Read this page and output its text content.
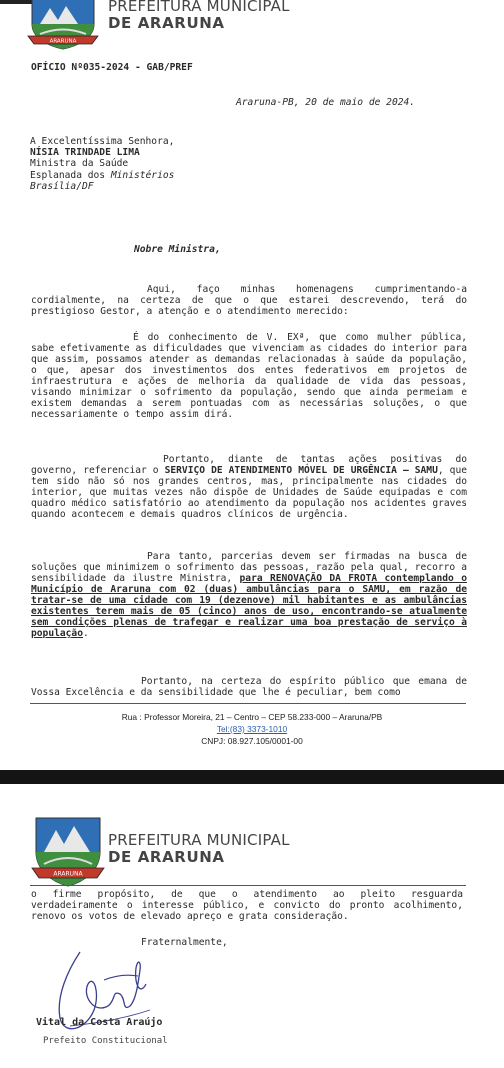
ARARUNA
PREFEITURA MUNICIPAL
DE ARARUNA
OFÍCIO Nº035-2024 - GAB/PREF
Araruna-PB, 20 de maio de 2024.
A Excelentíssima Senhora,
NÍSIA TRINDADE LIMA
Ministra da Saúde
Esplanada dos Ministérios
Brasília/DF
Nobre Ministra,
Aqui, faço minhas homenagens cumprimentando-a cordialmente, na certeza de que o que estarei descrevendo, terá do prestigioso Gestor, a atenção e o atendimento merecido:
É do conhecimento de V. EXª, que como mulher pública, sabe efetivamente as dificuldades que vivenciam as cidades do interior para que assim, possamos atender as demandas relacionadas à saúde da população, o que, apesar dos investimentos dos entes federativos em projetos de infraestrutura e ações de melhoria da qualidade de vida das pessoas, visando minimizar o sofrimento da população, sendo que ainda permeiam e existem demandas a serem pontuadas com as necessárias soluções, o que necessariamente o tempo assim dirá.
Portanto, diante de tantas ações positivas do governo, referenciar o SERVIÇO DE ATENDIMENTO MÓVEL DE URGÊNCIA – SAMU, que tem sido não só nos grandes centros, mas, principalmente nas cidades do interior, que muitas vezes não dispõe de Unidades de Saúde equipadas e com quadro médico satisfatório ao atendimento da população nos acidentes graves quando acontecem e demais quadros clínicos de urgência.
Para tanto, parcerias devem ser firmadas na busca de soluções que minimizem o sofrimento das pessoas, razão pela qual, recorro a sensibilidade da ilustre Ministra, para RENOVAÇÃO DA FROTA contemplando o Município de Araruna com 02 (duas) ambulâncias para o SAMU, em razão de tratar-se de uma cidade com 19 (dezenove) mil habitantes e as ambulâncias existentes terem mais de 05 (cinco) anos de uso, encontrando-se atualmente sem condições plenas de trafegar e realizar uma boa prestação de serviço à população.
Portanto, na certeza do espírito público que emana de Vossa Excelência e da sensibilidade que lhe é peculiar, bem como
Rua : Professor Moreira, 21 – Centro – CEP 58.233-000 – Araruna/PB
Tel:(83) 3373-1010
CNPJ: 08.927.105/0001-00
ARARUNA
PREFEITURA MUNICIPAL
DE ARARUNA
o firme propósito, de que o atendimento ao pleito resguarda verdadeiramente o interesse público, e convicto do pronto acolhimento, renovo os votos de elevado apreço e grata consideração.
Fraternalmente,
Vital da Costa Araújo
Prefeito Constitucional
